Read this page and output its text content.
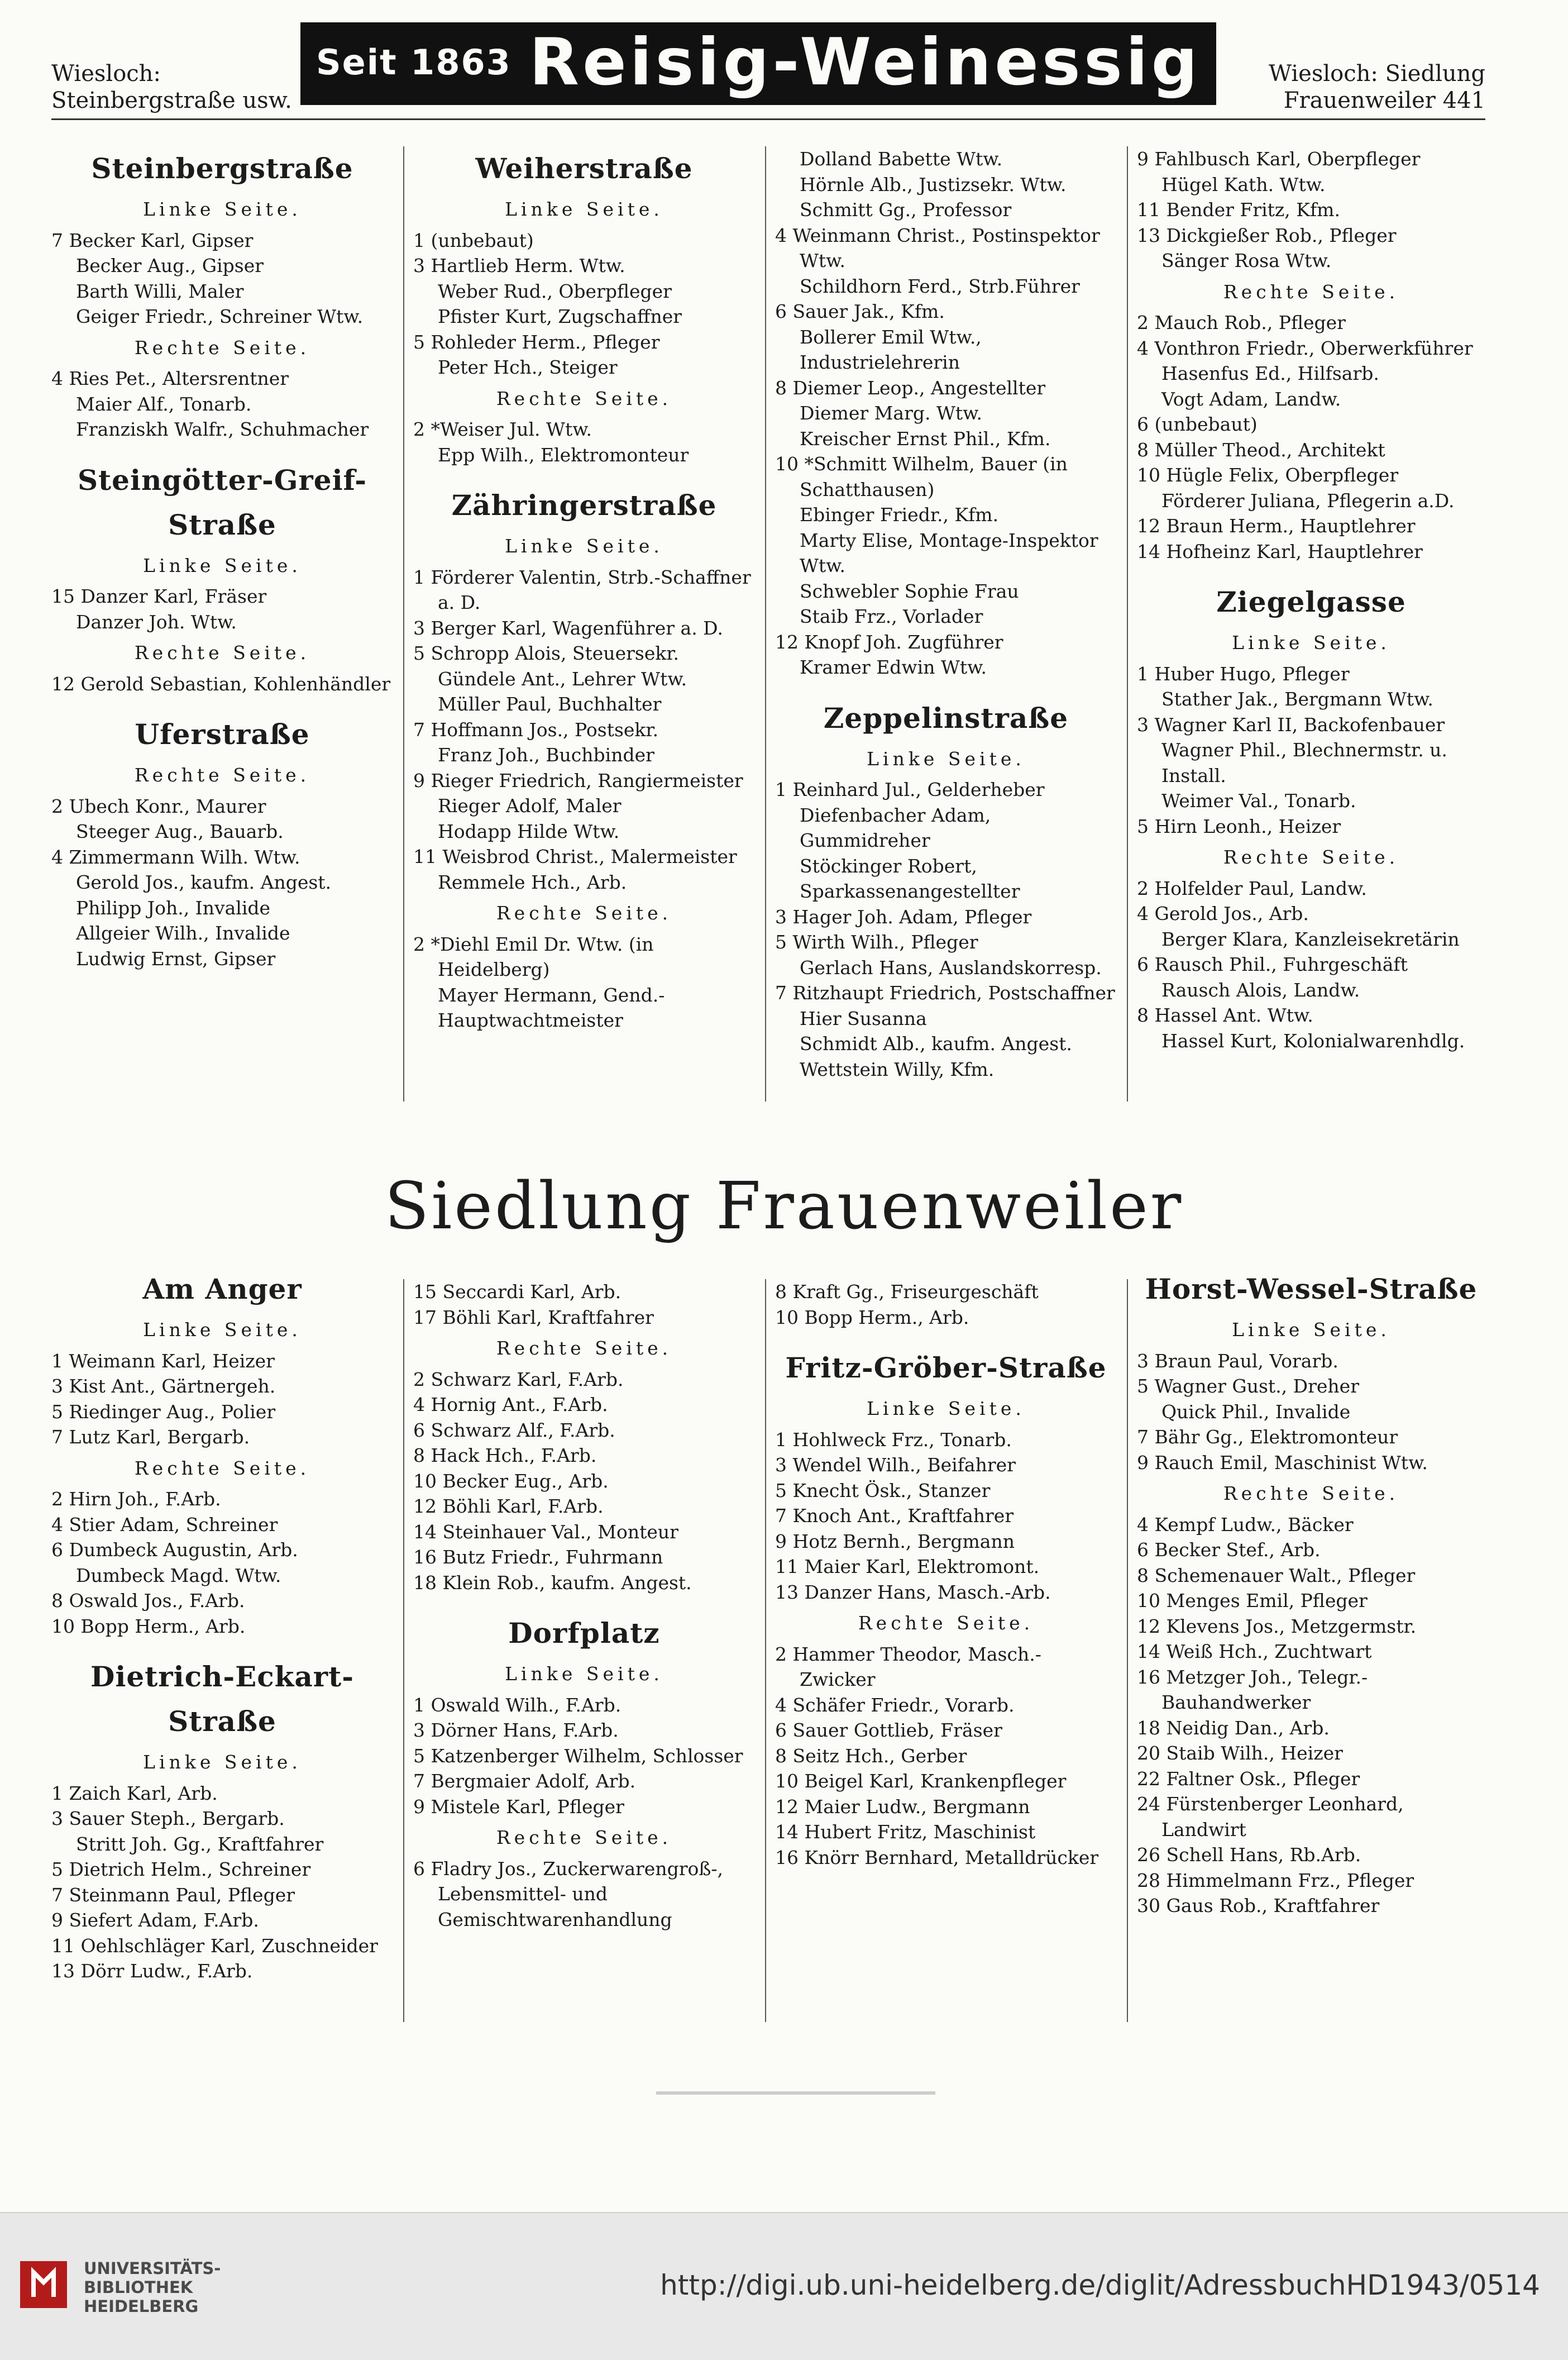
Wiesloch:
Steinbergstraße usw.
Seit 1863 Reisig-Weinessig	Wiesloch: Siedlung
Frauenweiler 441
Steinbergstraße
Linke Seite.
7 Becker Karl, Gipser
Becker Aug., Gipser
Barth Willi, Maler
Geiger Friedr., Schreiner Wtw.
Rechte Seite.
4 Ries Pet., Altersrentner
Maier Alf., Tonarb.
Franziskh Walfr., Schuhmacher
Steingötter-Greif-Straße
Linke Seite.
15 Danzer Karl, Fräser
Danzer Joh. Wtw.
Rechte Seite.
12 Gerold Sebastian, Kohlenhändler
Uferstraße
Rechte Seite.
2 Ubech Konr., Maurer
Steeger Aug., Bauarb.
4 Zimmermann Wilh. Wtw.
Gerold Jos., kaufm. Angest.
Philipp Joh., Invalide
Allgeier Wilh., Invalide
Ludwig Ernst, Gipser
Weiherstraße
Linke Seite.
1 (unbebaut)
3 Hartlieb Herm. Wtw.
Weber Rud., Oberpfleger
Pfister Kurt, Zugschaffner
5 Rohleder Herm., Pfleger
Peter Hch., Steiger
Rechte Seite.
2 *Weiser Jul. Wtw.
Epp Wilh., Elektromonteur
Zähringerstraße
Linke Seite.
1 Förderer Valentin, Strb.-Schaffner a. D.
3 Berger Karl, Wagenführer a. D.
5 Schropp Alois, Steuersekr.
Gündele Ant., Lehrer Wtw.
Müller Paul, Buchhalter
7 Hoffmann Jos., Postsekr.
Franz Joh., Buchbinder
9 Rieger Friedrich, Rangiermeister
Rieger Adolf, Maler
Hodapp Hilde Wtw.
11 Weisbrod Christ., Malermeister
Remmele Hch., Arb.
Rechte Seite.
2 *Diehl Emil Dr. Wtw. (in Heidelberg)
Mayer Hermann, Gend.-Hauptwachtmeister
Dolland Babette Wtw.
Hörnle Alb., Justizsekr. Wtw.
Schmitt Gg., Professor
4 Weinmann Christ., Postinspektor Wtw.
Schildhorn Ferd., Strb.Führer
6 Sauer Jak., Kfm.
Bollerer Emil Wtw., Industrielehrerin
8 Diemer Leop., Angestellter
Diemer Marg. Wtw.
Kreischer Ernst Phil., Kfm.
10 *Schmitt Wilhelm, Bauer (in Schatthausen)
Ebinger Friedr., Kfm.
Marty Elise, Montage-Inspektor Wtw.
Schwebler Sophie Frau
Staib Frz., Vorlader
12 Knopf Joh. Zugführer
Kramer Edwin Wtw.
Zeppelinstraße
Linke Seite.
1 Reinhard Jul., Gelderheber
Diefenbacher Adam, Gummidreher
Stöckinger Robert, Sparkassenangestellter
3 Hager Joh. Adam, Pfleger
5 Wirth Wilh., Pfleger
Gerlach Hans, Auslandskorresp.
7 Ritzhaupt Friedrich, Postschaffner
Hier Susanna
Schmidt Alb., kaufm. Angest.
Wettstein Willy, Kfm.
9 Fahlbusch Karl, Oberpfleger
Hügel Kath. Wtw.
11 Bender Fritz, Kfm.
13 Dickgießer Rob., Pfleger
Sänger Rosa Wtw.
Rechte Seite.
2 Mauch Rob., Pfleger
4 Vonthron Friedr., Oberwerkführer
Hasenfus Ed., Hilfsarb.
Vogt Adam, Landw.
6 (unbebaut)
8 Müller Theod., Architekt
10 Hügle Felix, Oberpfleger
Förderer Juliana, Pflegerin a.D.
12 Braun Herm., Hauptlehrer
14 Hofheinz Karl, Hauptlehrer
Ziegelgasse
Linke Seite.
1 Huber Hugo, Pfleger
Stather Jak., Bergmann Wtw.
3 Wagner Karl II, Backofenbauer
Wagner Phil., Blechnermstr. u. Install.
Weimer Val., Tonarb.
5 Hirn Leonh., Heizer
Rechte Seite.
2 Holfelder Paul, Landw.
4 Gerold Jos., Arb.
Berger Klara, Kanzleisekretärin
6 Rausch Phil., Fuhrgeschäft
Rausch Alois, Landw.
8 Hassel Ant. Wtw.
Hassel Kurt, Kolonialwarenhdlg.
Siedlung Frauenweiler
Am Anger
Linke Seite.
1 Weimann Karl, Heizer
3 Kist Ant., Gärtnergeh.
5 Riedinger Aug., Polier
7 Lutz Karl, Bergarb.
Rechte Seite.
2 Hirn Joh., F.Arb.
4 Stier Adam, Schreiner
6 Dumbeck Augustin, Arb.
Dumbeck Magd. Wtw.
8 Oswald Jos., F.Arb.
10 Bopp Herm., Arb.
Dietrich-Eckart-Straße
Linke Seite.
1 Zaich Karl, Arb.
3 Sauer Steph., Bergarb.
Stritt Joh. Gg., Kraftfahrer
5 Dietrich Helm., Schreiner
7 Steinmann Paul, Pfleger
9 Siefert Adam, F.Arb.
11 Oehlschläger Karl, Zuschneider
13 Dörr Ludw., F.Arb.
15 Seccardi Karl, Arb.
17 Böhli Karl, Kraftfahrer
Rechte Seite.
2 Schwarz Karl, F.Arb.
4 Hornig Ant., F.Arb.
6 Schwarz Alf., F.Arb.
8 Hack Hch., F.Arb.
10 Becker Eug., Arb.
12 Böhli Karl, F.Arb.
14 Steinhauer Val., Monteur
16 Butz Friedr., Fuhrmann
18 Klein Rob., kaufm. Angest.
Dorfplatz
Linke Seite.
1 Oswald Wilh., F.Arb.
3 Dörner Hans, F.Arb.
5 Katzenberger Wilhelm, Schlosser
7 Bergmaier Adolf, Arb.
9 Mistele Karl, Pfleger
Rechte Seite.
6 Fladry Jos., Zuckerwarengroß-, Lebensmittel- und Gemischtwarenhandlung
8 Kraft Gg., Friseurgeschäft
10 Bopp Herm., Arb.
Fritz-Gröber-Straße
Linke Seite.
1 Hohlweck Frz., Tonarb.
3 Wendel Wilh., Beifahrer
5 Knecht Ösk., Stanzer
7 Knoch Ant., Kraftfahrer
9 Hotz Bernh., Bergmann
11 Maier Karl, Elektromont.
13 Danzer Hans, Masch.-Arb.
Rechte Seite.
2 Hammer Theodor, Masch.-Zwicker
4 Schäfer Friedr., Vorarb.
6 Sauer Gottlieb, Fräser
8 Seitz Hch., Gerber
10 Beigel Karl, Krankenpfleger
12 Maier Ludw., Bergmann
14 Hubert Fritz, Maschinist
16 Knörr Bernhard, Metalldrücker
Horst-Wessel-Straße
Linke Seite.
3 Braun Paul, Vorarb.
5 Wagner Gust., Dreher
Quick Phil., Invalide
7 Bähr Gg., Elektromonteur
9 Rauch Emil, Maschinist Wtw.
Rechte Seite.
4 Kempf Ludw., Bäcker
6 Becker Stef., Arb.
8 Schemenauer Walt., Pfleger
10 Menges Emil, Pfleger
12 Klevens Jos., Metzgermstr.
14 Weiß Hch., Zuchtwart
16 Metzger Joh., Telegr.-Bauhandwerker
18 Neidig Dan., Arb.
20 Staib Wilh., Heizer
22 Faltner Osk., Pfleger
24 Fürstenberger Leonhard, Landwirt
26 Schell Hans, Rb.Arb.
28 Himmelmann Frz., Pfleger
30 Gaus Rob., Kraftfahrer
UNIVERSITÄTS-
BIBLIOTHEK
HEIDELBERG
http://digi.ub.uni-heidelberg.de/diglit/AdressbuchHD1943/0514
